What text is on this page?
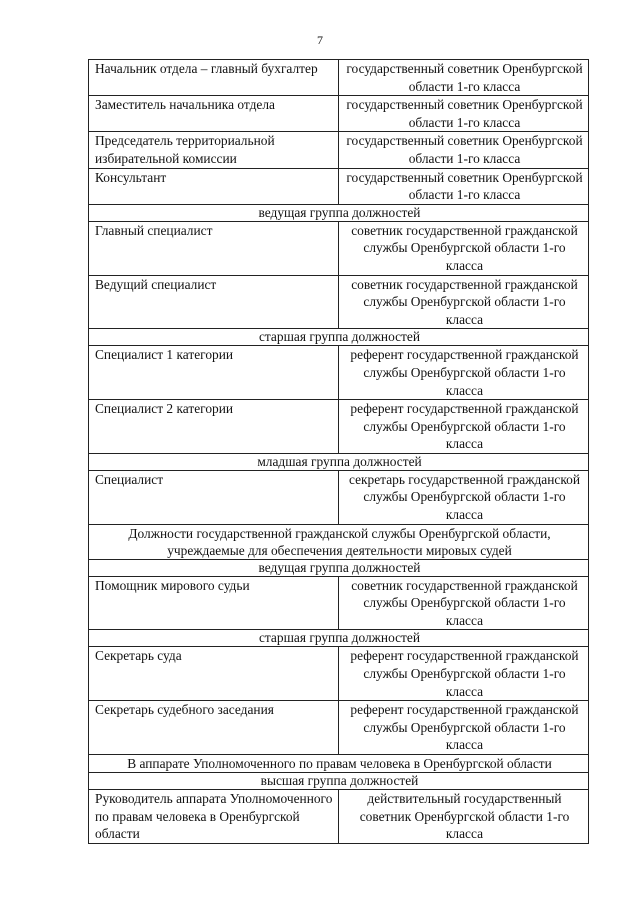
7
Начальник отдела – главный бухгалтер	государственный советник Оренбургской области 1-го класса
Заместитель начальника отдела	государственный советник Оренбургской области 1-го класса
Председатель территориальной избирательной комиссии	государственный советник Оренбургской области 1-го класса
Консультант	государственный советник Оренбургской области 1-го класса
ведущая группа должностей	
Главный специалист	советник государственной гражданской службы Оренбургской области 1-го класса
Ведущий специалист	советник государственной гражданской службы Оренбургской области 1-го класса
старшая группа должностей	
Специалист 1 категории	референт государственной гражданской службы Оренбургской области 1-го класса
Специалист 2 категории	референт государственной гражданской службы Оренбургской области 1-го класса
младшая группа должностей	
Специалист	секретарь государственной гражданской службы Оренбургской области 1-го класса
Должности государственной гражданской службы Оренбургской области, учреждаемые для обеспечения деятельности мировых судей	
ведущая группа должностей	
Помощник мирового судьи	советник государственной гражданской службы Оренбургской области 1-го класса
старшая группа должностей	
Секретарь суда	референт государственной гражданской службы Оренбургской области 1-го класса
Секретарь судебного заседания	референт государственной гражданской службы Оренбургской области 1-го класса
В аппарате Уполномоченного по правам человека в Оренбургской области	
высшая группа должностей	
Руководитель аппарата Уполномоченного по правам человека в Оренбургской области	действительный государственный советник Оренбургской области 1-го класса
